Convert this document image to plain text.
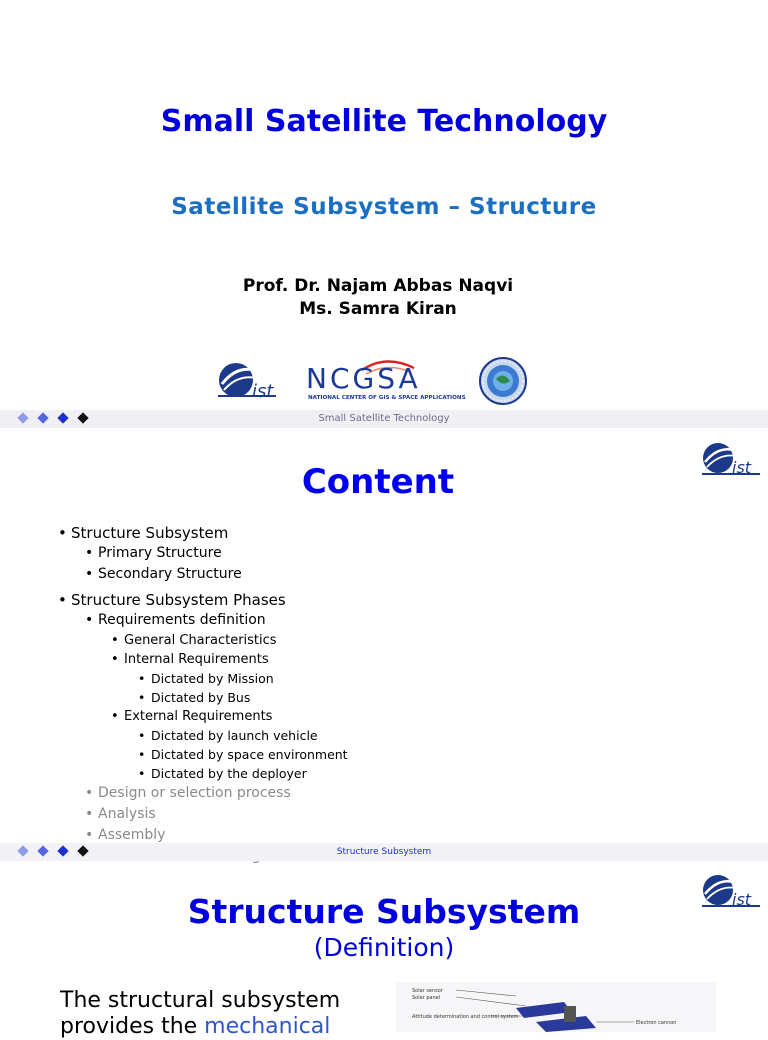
Small Satellite Technology
Satellite Subsystem – Structure
Prof. Dr. Najam Abbas Naqvi
Ms. Samra Kiran
ist NCGSA
NATIONAL CENTER OF GIS & SPACE APPLICATIONS
Small Satellite Technology
ist
Content
• Structure Subsystem
• Primary Structure
• Secondary Structure
• Structure Subsystem Phases
• Requirements definition
• General Characteristics
• Internal Requirements
• Dictated by Mission
• Dictated by Bus
• External Requirements
• Dictated by launch vehicle
• Dictated by space environment
• Dictated by the deployer
• Design or selection process
• Analysis
• Assembly
Structure Subsystem
ist
Structure Subsystem
(Definition)
The structural subsystem
provides the mechanical
Solar sensor
Solar panel
Attitude determination and control system
Electron cannon
